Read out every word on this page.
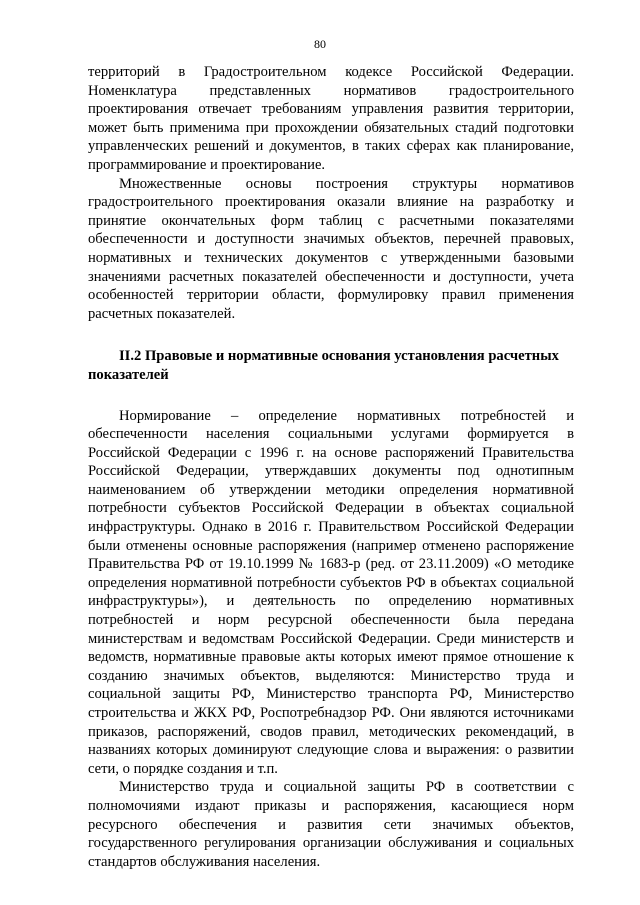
80

территорий в Градостроительном кодексе Российской Федерации. Номенклатура представленных нормативов градостроительного проектирования отвечает требованиям управления развития территории, может быть применима при прохождении обязательных стадий подготовки управленческих решений и документов, в таких сферах как планирование, программирование и проектирование.

Множественные основы построения структуры нормативов градостроительного проектирования оказали влияние на разработку и принятие окончательных форм таблиц с расчетными показателями обеспеченности и доступности значимых объектов, перечней правовых, нормативных и технических документов с утвержденными базовыми значениями расчетных показателей обеспеченности и доступности, учета особенностей территории области, формулировку правил применения расчетных показателей.

II.2 Правовые и нормативные основания установления расчетных показателей

Нормирование – определение нормативных потребностей и обеспеченности населения социальными услугами формируется в Российской Федерации с 1996 г. на основе распоряжений Правительства Российской Федерации, утверждавших документы под однотипным наименованием об утверждении методики определения нормативной потребности субъектов Российской Федерации в объектах социальной инфраструктуры. Однако в 2016 г. Правительством Российской Федерации были отменены основные распоряжения (например отменено распоряжение Правительства РФ от 19.10.1999 № 1683-р (ред. от 23.11.2009) «О методике определения нормативной потребности субъектов РФ в объектах социальной инфраструктуры»), и деятельность по определению нормативных потребностей и норм ресурсной обеспеченности была передана министерствам и ведомствам Российской Федерации. Среди министерств и ведомств, нормативные правовые акты которых имеют прямое отношение к созданию значимых объектов, выделяются: Министерство труда и социальной защиты РФ, Министерство транспорта РФ, Министерство строительства и ЖКХ РФ, Роспотребнадзор РФ. Они являются источниками приказов, распоряжений, сводов правил, методических рекомендаций, в названиях которых доминируют следующие слова и выражения: о развитии сети, о порядке создания и т.п.

Министерство труда и социальной защиты РФ в соответствии с полномочиями издают приказы и распоряжения, касающиеся норм ресурсного обеспечения и развития сети значимых объектов, государственного регулирования организации обслуживания и социальных стандартов обслуживания населения.
